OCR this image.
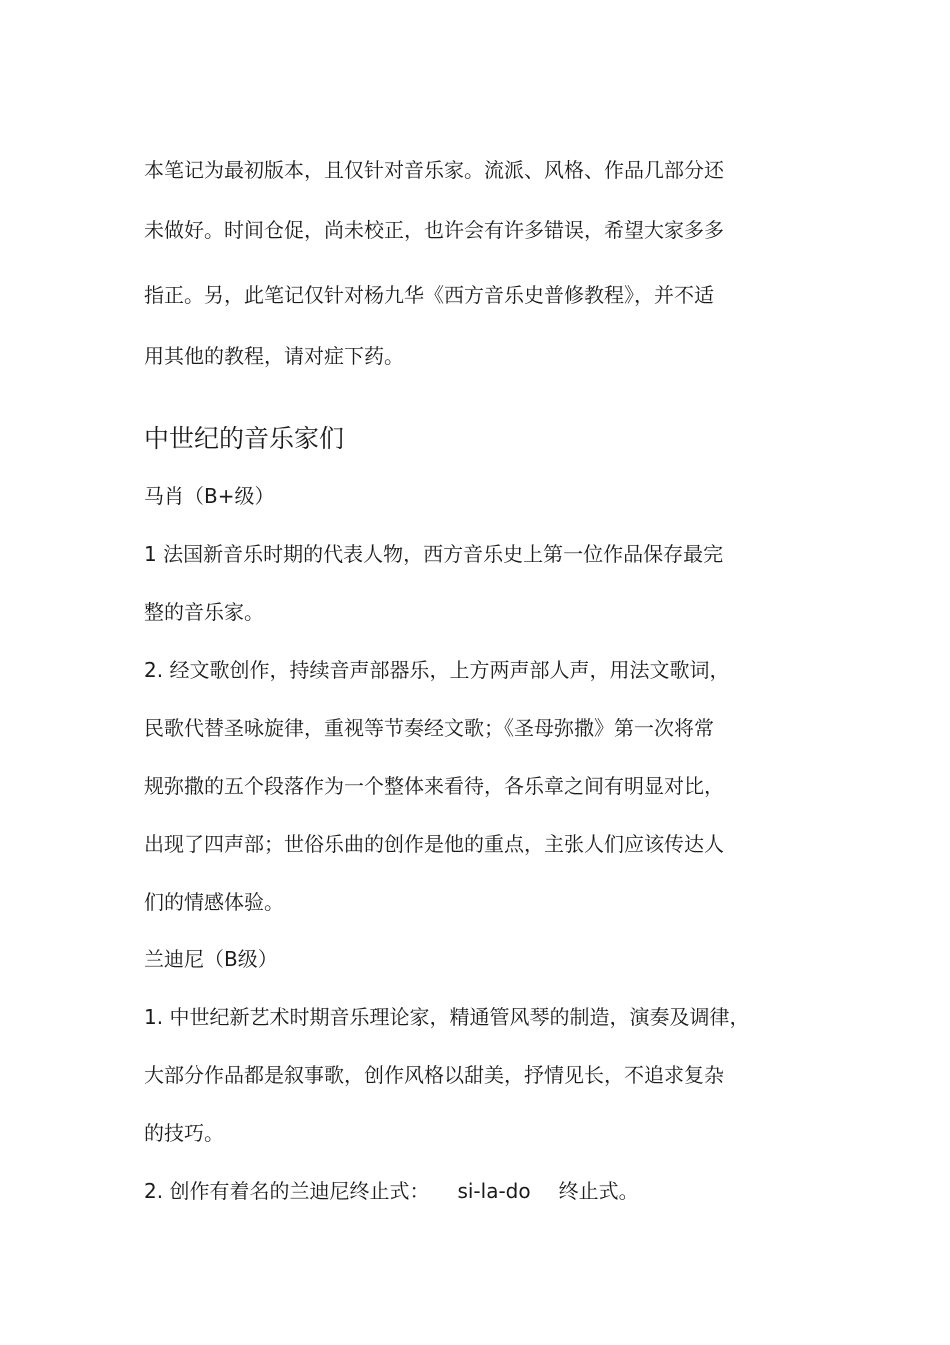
本笔记为最初版本，且仅针对音乐家。流派、风格、作品几部分还
未做好。时间仓促，尚未校正，也许会有许多错误，希望大家多多
指正。另，此笔记仅针对杨九华《西方音乐史普修教程》，并不适
用其他的教程，请对症下药。
中世纪的音乐家们
马肖（B+级）
1 法国新音乐时期的代表人物，西方音乐史上第一位作品保存最完
整的音乐家。
2. 经文歌创作，持续音声部器乐，上方两声部人声，用法文歌词，
民歌代替圣咏旋律，重视等节奏经文歌；《圣母弥撒》第一次将常
规弥撒的五个段落作为一个整体来看待，各乐章之间有明显对比，
出现了四声部；世俗乐曲的创作是他的重点，主张人们应该传达人
们的情感体验。
兰迪尼（B级）
1. 中世纪新艺术时期音乐理论家，精通管风琴的制造，演奏及调律，
大部分作品都是叙事歌，创作风格以甜美，抒情见长，不追求复杂
的技巧。
2. 创作有着名的兰迪尼终止式： si-la-do 终止式。
